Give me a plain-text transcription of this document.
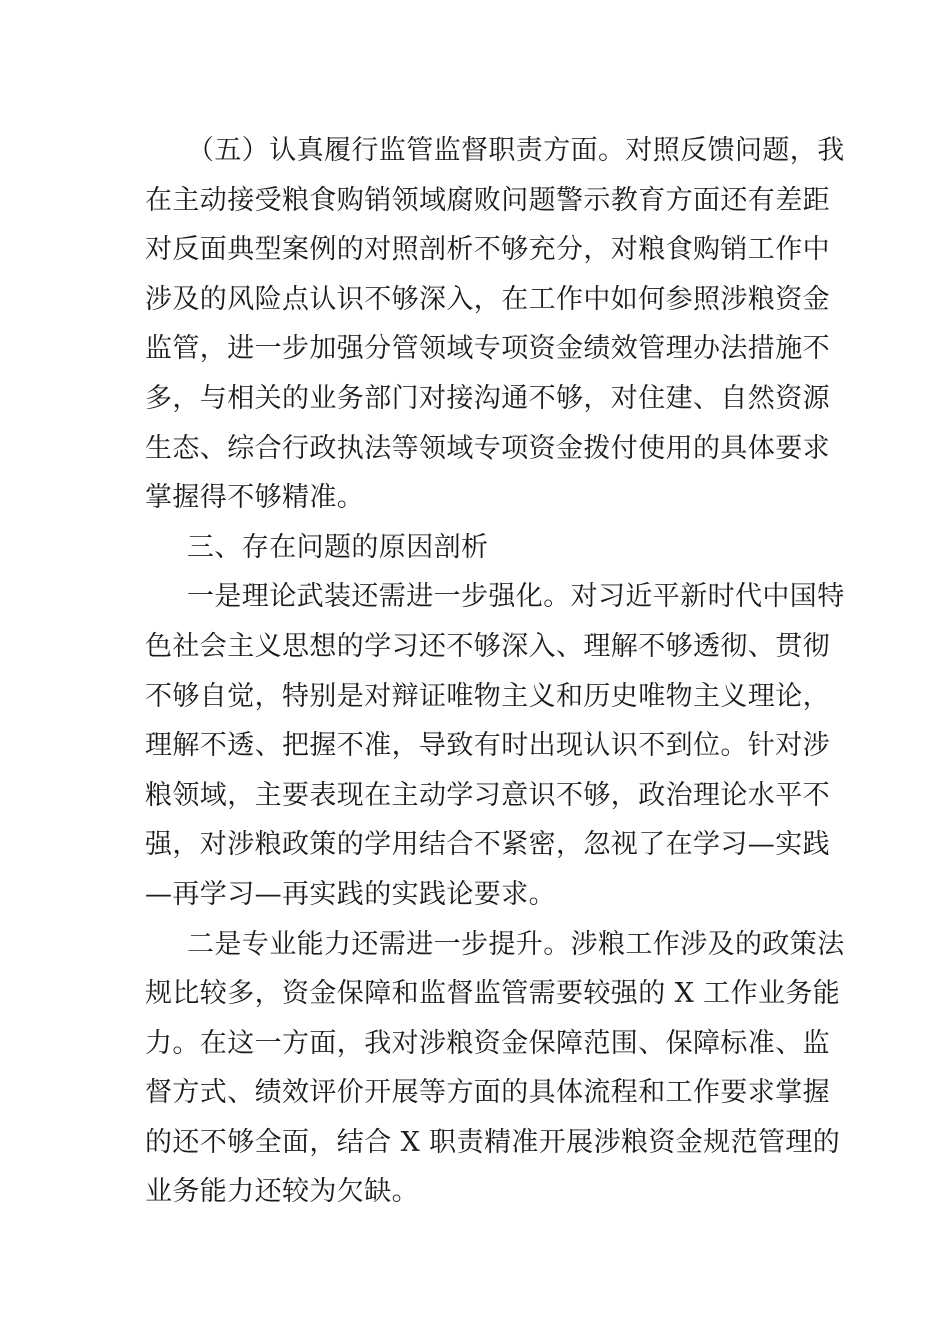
（五）认真履行监管监督职责方面。对照反馈问题，我
在主动接受粮食购销领域腐败问题警示教育方面还有差距
对反面典型案例的对照剖析不够充分，对粮食购销工作中
涉及的风险点认识不够深入，在工作中如何参照涉粮资金
监管，进一步加强分管领域专项资金绩效管理办法措施不
多，与相关的业务部门对接沟通不够，对住建、自然资源
生态、综合行政执法等领域专项资金拨付使用的具体要求
掌握得不够精准。
三、存在问题的原因剖析
一是理论武装还需进一步强化。对习近平新时代中国特
色社会主义思想的学习还不够深入、理解不够透彻、贯彻
不够自觉，特别是对辩证唯物主义和历史唯物主义理论，
理解不透、把握不准，导致有时出现认识不到位。针对涉
粮领域，主要表现在主动学习意识不够，政治理论水平不
强，对涉粮政策的学用结合不紧密，忽视了在学习—实践
—再学习—再实践的实践论要求。
二是专业能力还需进一步提升。涉粮工作涉及的政策法
规比较多，资金保障和监督监管需要较强的 X 工作业务能
力。在这一方面，我对涉粮资金保障范围、保障标准、监
督方式、绩效评价开展等方面的具体流程和工作要求掌握
的还不够全面，结合 X 职责精准开展涉粮资金规范管理的
业务能力还较为欠缺。
